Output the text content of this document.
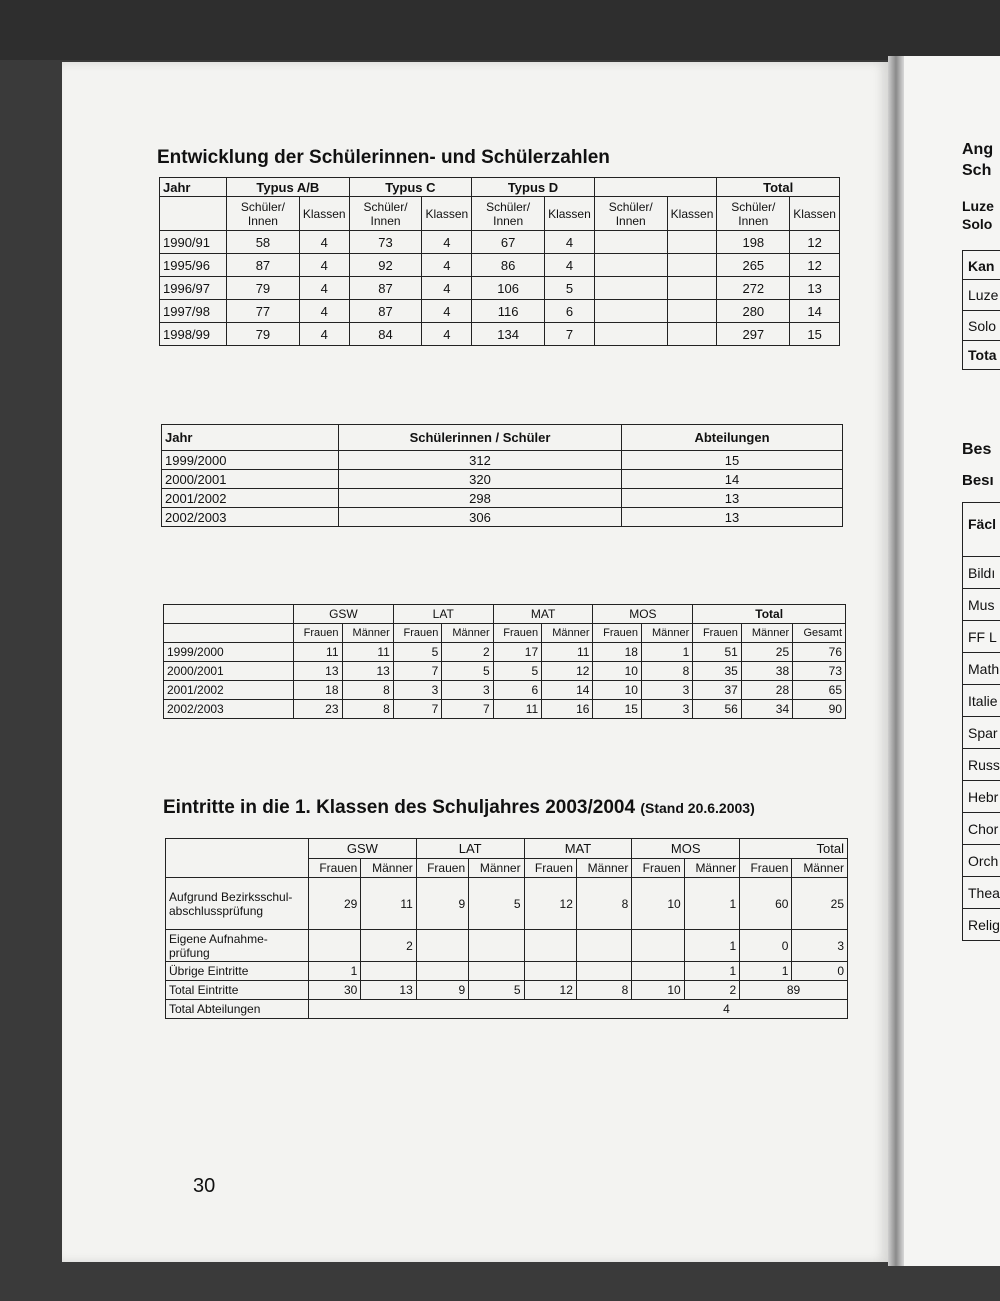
Entwicklung der Schülerinnen- und Schülerzahlen
Jahr	Typus A/B		Typus C		Typus D				Total	
	Schüler/ Innen	Klassen	Schüler/ Innen	Klassen	Schüler/ Innen	Klassen	Schüler/ Innen	Klassen	Schüler/ Innen	Klassen
1990/91	58	4	73	4	67	4			198	12
1995/96	87	4	92	4	86	4			265	12
1996/97	79	4	87	4	106	5			272	13
1997/98	77	4	87	4	116	6			280	14
1998/99	79	4	84	4	134	7			297	15
Jahr	Schülerinnen / Schüler	Abteilungen
1999/2000	312	15
2000/2001	320	14
2001/2002	298	13
2002/2003	306	13
	GSW		LAT		MAT		MOS		Total		
	Frauen	Männer	Frauen	Männer	Frauen	Männer	Frauen	Männer	Frauen	Männer	Gesamt
1999/2000	11	11	5	2	17	11	18	1	51	25	76
2000/2001	13	13	7	5	5	12	10	8	35	38	73
2001/2002	18	8	3	3	6	14	10	3	37	28	65
2002/2003	23	8	7	7	11	16	15	3	56	34	90
Eintritte in die 1. Klassen des Schuljahres 2003/2004 (Stand 20.6.2003)
	GSW		LAT		MAT		MOS		Total	
	Frauen	Männer	Frauen	Männer	Frauen	Männer	Frauen	Männer	Frauen	Männer
Aufgrund Bezirksschul-abschlussprüfung	29	11	9	5	12	8	10	1	60	25
Eigene Aufnahme-prüfung		2						1	0	3
Übrige Eintritte	1							1	1	0
Total Eintritte	30	13	9	5	12	8	10	2	89	
Total Abteilungen	4									
30
Ang
Sch
Luze
Solo
Kan
Luze
Solo
Tota
Bes
Besı
Fäcl
Bildı
Mus
FF L
Math
Italie
Spar
Russ
Hebr
Chor
Orch
Thea
Relig
